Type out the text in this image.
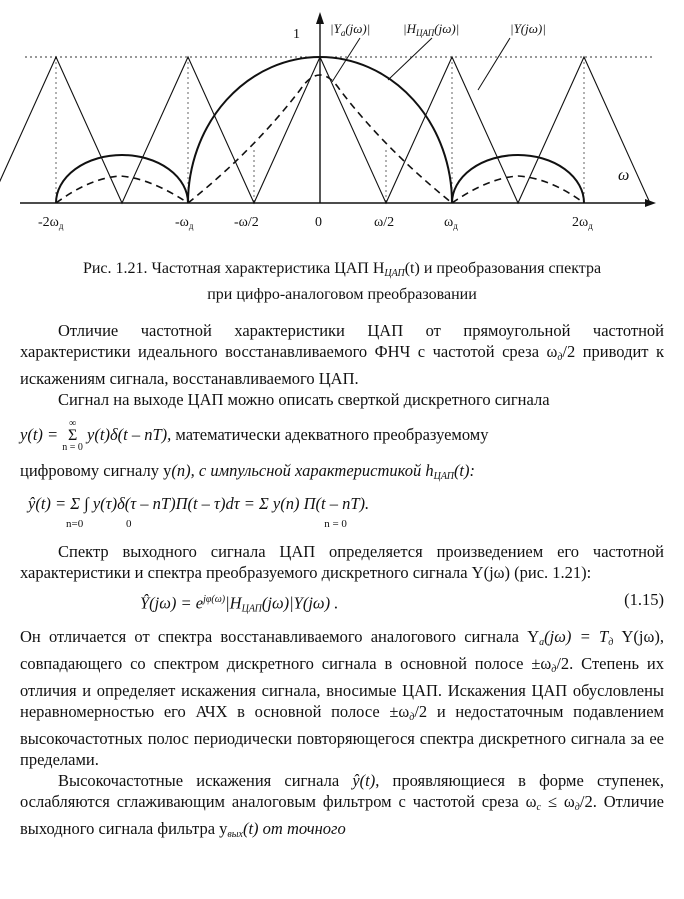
1 $|Y_a(j\omega)|$	$|H_{ЦАП}(j\omega)|$	|Y(jω)|
ω
$-2\omega_д$	$-\omega_д$	-ω/2	0	ω/2	$\omega_д$	$2\omega_д$
Рис. 1.21. Частотная характеристика ЦАП $H_{ЦАП}(t)$ и преобразования спектра
при цифро-аналоговом преобразовании

Отличие частотной характеристики ЦАП от прямоугольной частотной характеристики идеального восстанавливаемого ФНЧ с частотой среза $\omega_д/2$ приводит к искажениям сигнала, восстанавливаемого ЦАП.

Сигнал на выходе ЦАП можно описать сверткой дискретного сигнала

y(t) =
∞
Σ
n = 0
y(t)δ(t – nT), математически адекватного преобразуемому

цифровому сигналу y(n), с импульсной характеристикой $h_{ЦАП}(t)$:

ŷ(t) = Σ ∫ y(τ)δ(τ – nT)Π(t – τ)dτ = Σ y(n) Π(t – nT).
n=0	0	n = 0

Спектр выходного сигнала ЦАП определяется произведением его частотной характеристики и спектра преобразуемого дискретного сигнала Y(jω) (рис. 1.21):

Ŷ(jω) = $e^{j\varphi(\omega)}|H_{ЦАП}(j\omega)|Y(j\omega)$ .	(1.15)

Он отличается от спектра восстанавливаемого аналогового сигнала $Y_a(j\omega) = T_д$ Y(jω), совпадающего со спектром дискретного сигнала в основной полосе $\pm\omega_д/2$. Степень их отличия и определяет искажения сигнала, вносимые ЦАП. Искажения ЦАП обусловлены неравномерностью его АЧХ в основной полосе $\pm\omega_д/2$ и недостаточным подавлением высокочастотных полос периодически повторяющегося спектра дискретного сигнала за ее пределами.

Высокочастотные искажения сигнала ŷ(t), проявляющиеся в форме ступенек, ослабляются сглаживающим аналоговым фильтром с частотой среза $\omega_c \le \omega_д/2$. Отличие выходного сигнала фильтра $y_{вых}(t)$ от точного
